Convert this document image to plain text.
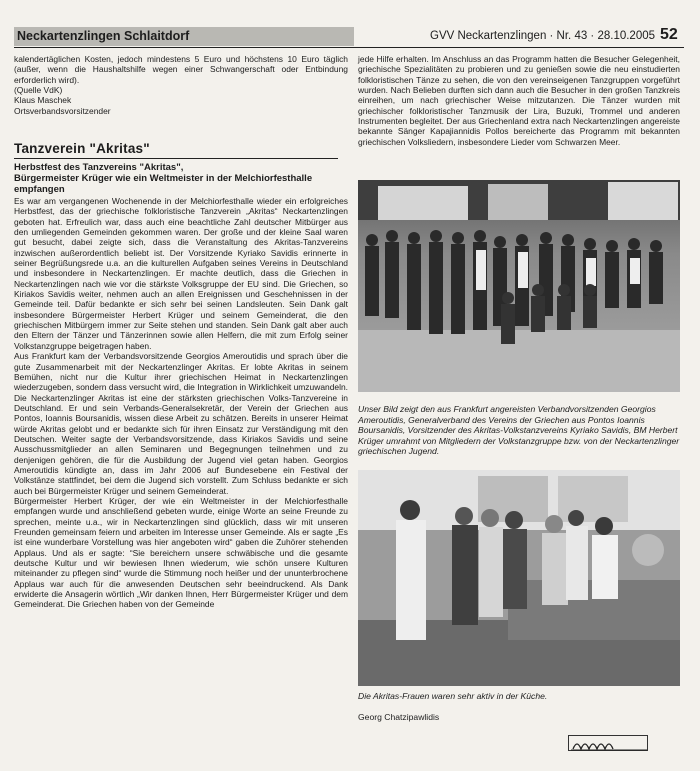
Neckartenzlingen Schlaitdorf	GVV Neckartenzlingen · Nr. 43 · 28.10.2005 52

kalendertäglichen Kosten, jedoch mindestens 5 Euro und höchstens 10 Euro täglich (außer, wenn die Haushaltshilfe wegen einer Schwangerschaft oder Entbindung erforderlich wird).

(Quelle VdK)

Klaus Maschek

Ortsverbandsvorsitzender

Tanzverein "Akritas"
Herbstfest des Tanzvereins "Akritas",
Bürgermeister Krüger wie ein Weltmeister in der Melchiorfesthalle empfangen

Es war am vergangenen Wochenende in der Melchiorfesthalle wieder ein erfolgreiches Herbstfest, das der griechische folkloristische Tanzverein „Akritas“ Neckartenzlingen geboten hat. Erfreulich war, dass auch eine beachtliche Zahl deutscher Mitbürger aus den umliegenden Gemeinden gekommen waren. Der große und der kleine Saal waren gut besucht, dabei zeigte sich, dass die Veranstaltung des Akritas-Tanzvereins inzwischen außerordentlich beliebt ist. Der Vorsitzende Kyriako Savidis erinnerte in seiner Begrüßungsrede u.a. an die kulturellen Aufgaben seines Vereins in Deutschland und insbesondere in Neckartenzlingen. Er machte deutlich, dass die Griechen in Neckartenzlingen nach wie vor die stärkste Volksgruppe der EU sind. Die Griechen, so Kiriakos Savidis weiter, nehmen auch an allen Ereignissen und Geschehnissen in der Gemeinde teil. Dafür bedankte er sich sehr bei seinen Landsleuten. Sein Dank galt insbesondere Bürgermeister Herbert Krüger und seinem Gemeinderat, die den griechischen Mitbürgern immer zur Seite stehen und standen. Sein Dank galt aber auch den Eltern der Tänzer und Tänzerinnen sowie allen Helfern, die mit zum Erfolg seiner Volkstanzgruppe beigetragen haben.

Aus Frankfurt kam der Verbandsvorsitzende Georgios Ameroutidis und sprach über die gute Zusammenarbeit mit der Neckartenzlinger Akritas. Er lobte Akritas in seinem Bemühen, nicht nur die Kultur ihrer griechischen Heimat in Neckartenzlingen wiederzugeben, sondern dass versucht wird, die Integration in Wirklichkeit umzuwandeln. Die Neckartenzlinger Akritas ist eine der stärksten griechischen Volks-Tanzvereine in Deutschland. Er und sein Verbands-Generalsekretär, der Verein der Griechen aus Pontos, Ioannis Boursanidis, wissen diese Arbeit zu schätzen. Bereits in unserer Heimat würde Akritas gelobt und er bedankte sich für ihren Einsatz zur Verständigung mit den Deutschen. Weiter sagte der Verbandsvorsitzende, dass Kiriakos Savidis und seine Ausschussmitglieder an allen Seminaren und Begegnungen teilnehmen und zu denjenigen gehören, die für die Ausbildung der Jugend viel getan haben. Georgios Ameroutidis kündigte an, dass im Jahr 2006 auf Bundesebene ein Festival der Volkstänze stattfindet, bei dem die Jugend sich vorstellt. Zum Schluss bedankte er sich auch bei Bürgermeister Krüger und seinem Gemeinderat.

Bürgermeister Herbert Krüger, der wie ein Weltmeister in der Melchiorfesthalle empfangen wurde und anschließend gebeten wurde, einige Worte an seine Freunde zu sprechen, meinte u.a., wir in Neckartenzlingen sind glücklich, dass wir mit unseren Freunden gemeinsam feiern und arbeiten im Interesse unser Gemeinde. Als er sagte „Es ist eine wunderbare Vorstellung was hier angeboten wird“ gaben die Zuhörer stehenden Applaus. Und als er sagte: “Sie bereichern unsere schwäbische und die gesamte deutsche Kultur und wir bewiesen Ihnen wiederum, wie schön unsere Kulturen miteinander zu pflegen sind“ wurde die Stimmung noch heißer und der ununterbrochene Applaus war auch für die anwesenden Deutschen sehr beeindruckend. Als Dank erwiderte die Ansagerin wörtlich „Wir danken Ihnen, Herr Bürgermeister Krüger und dem Gemeinderat. Die Griechen haben von der Gemeinde

jede Hilfe erhalten. Im Anschluss an das Programm hatten die Besucher Gelegenheit, griechische Spezialitäten zu probieren und zu genießen sowie die neu einstudierten folkloristischen Tänze zu sehen, die von den vereinseigenen Tanzgruppen vorgeführt wurden. Nach Belieben durften sich dann auch die Besucher in den großen Tanzkreis einreihen, um nach griechischer Weise mitzutanzen. Die Tänzer wurden mit griechischer folkloristischer Tanzmusik der Lira, Buzuki, Trommel und anderen Instrumenten begleitet. Der aus Griechenland extra nach Neckartenzlingen angereiste bekannte Sänger Kapajiannidis Pollos bereicherte das Programm mit bekannten griechischen Volksliedern, insbesondere Lieder vom Schwarzen Meer.

Unser Bild zeigt den aus Frankfurt angereisten Verbandvorsitzenden Georgios Ameroutidis, Generalverband des Vereins der Griechen aus Pontos Ioannis Boursanidis, Vorsitzender des Akritas-Volkstanzvereins Kyriako Savidis, BM Herbert Krüger umrahmt von Mitgliedern der Volkstanzgruppe bzw. von der Neckartenzlinger griechischen Jugend.
Die Akritas-Frauen waren sehr aktiv in der Küche.
Georg Chatzipawlidis
